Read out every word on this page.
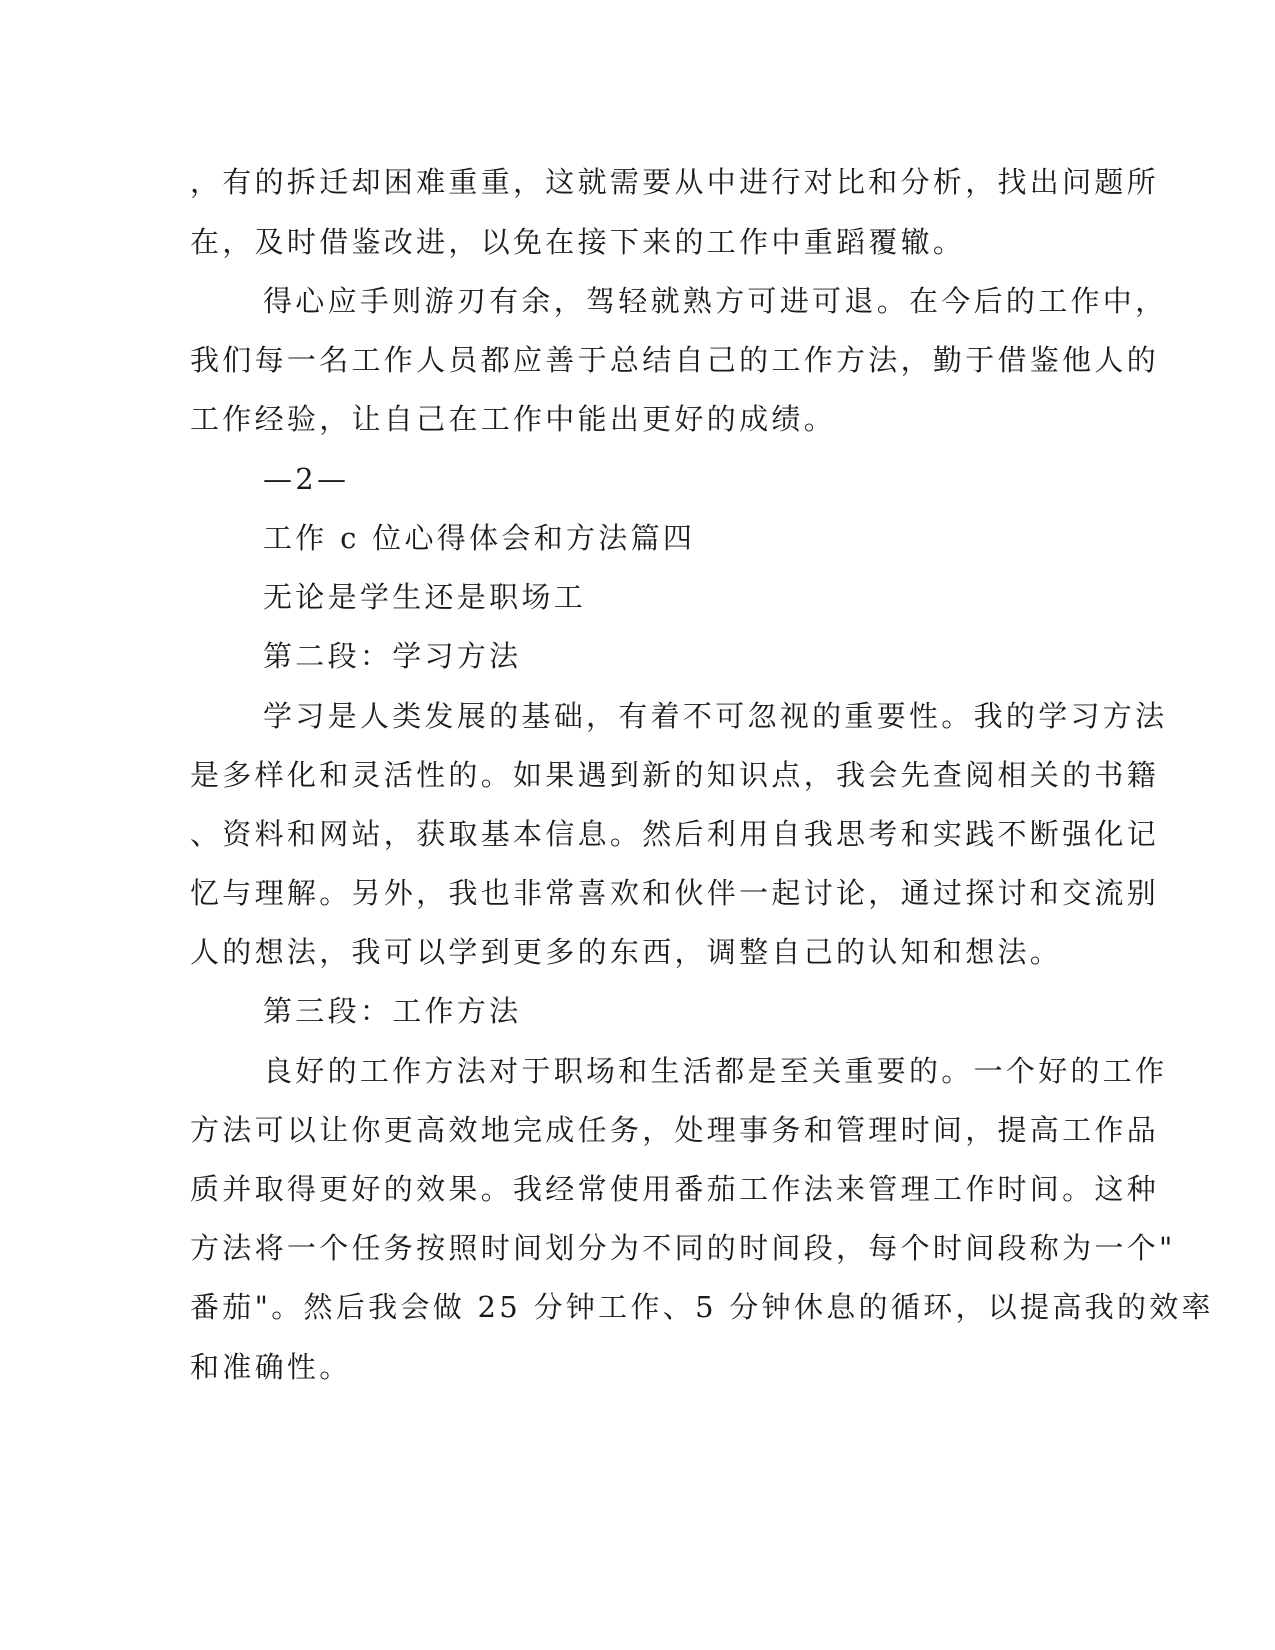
，有的拆迁却困难重重，这就需要从中进行对比和分析，找出问题所
在，及时借鉴改进，以免在接下来的工作中重蹈覆辙。
得心应手则游刃有余，驾轻就熟方可进可退。在今后的工作中，
我们每一名工作人员都应善于总结自己的工作方法，勤于借鉴他人的
工作经验，让自己在工作中能出更好的成绩。
—2—
工作 c 位心得体会和方法篇四
无论是学生还是职场工
第二段：学习方法
学习是人类发展的基础，有着不可忽视的重要性。我的学习方法
是多样化和灵活性的。如果遇到新的知识点，我会先查阅相关的书籍
、资料和网站，获取基本信息。然后利用自我思考和实践不断强化记
忆与理解。另外，我也非常喜欢和伙伴一起讨论，通过探讨和交流别
人的想法，我可以学到更多的东西，调整自己的认知和想法。
第三段：工作方法
良好的工作方法对于职场和生活都是至关重要的。一个好的工作
方法可以让你更高效地完成任务，处理事务和管理时间，提高工作品
质并取得更好的效果。我经常使用番茄工作法来管理工作时间。这种
方法将一个任务按照时间划分为不同的时间段，每个时间段称为一个"
番茄"。然后我会做 25 分钟工作、5 分钟休息的循环，以提高我的效率
和准确性。
